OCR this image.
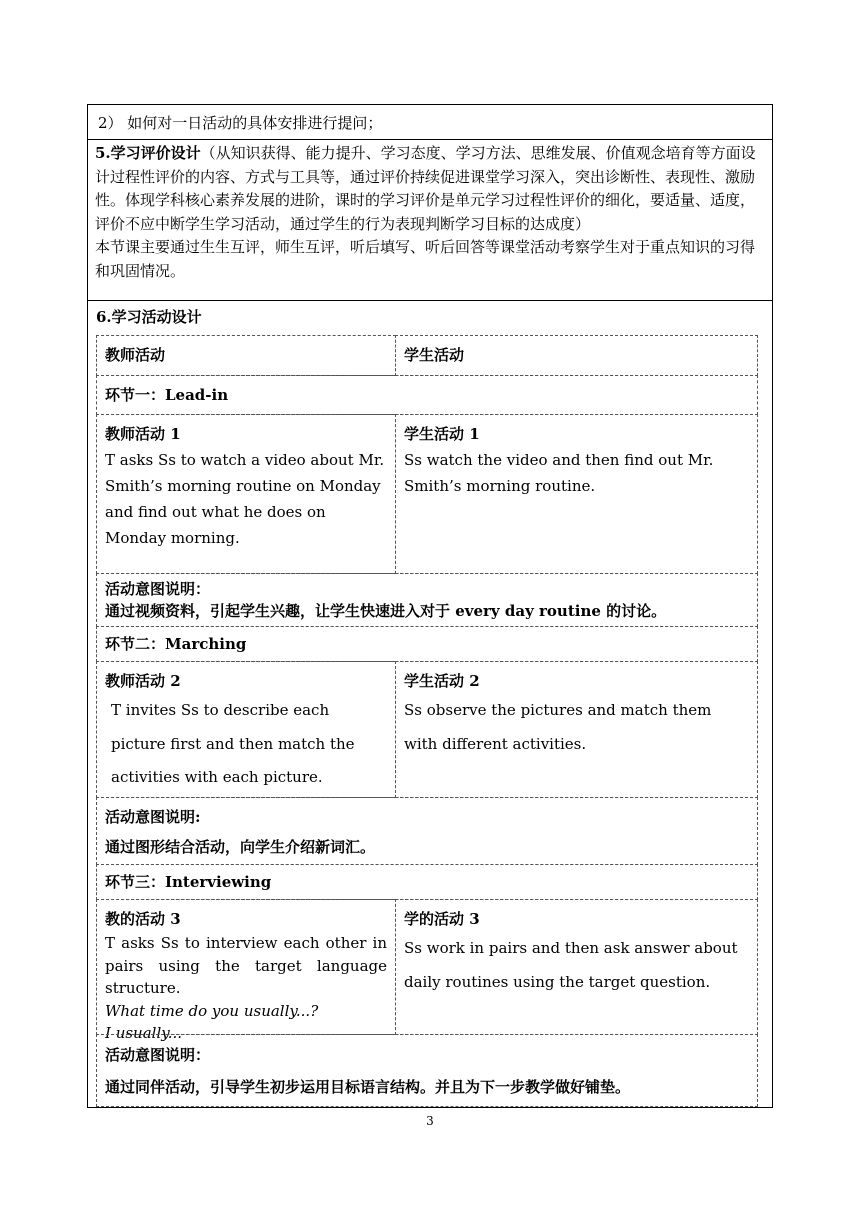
2） 如何对一日活动的具体安排进行提问；
5.学习评价设计（从知识获得、能力提升、学习态度、学习方法、思维发展、价值观念培育等方面设计过程性评价的内容、方式与工具等，通过评价持续促进课堂学习深入，突出诊断性、表现性、激励性。体现学科核心素养发展的进阶，课时的学习评价是单元学习过程性评价的细化，要适量、适度，评价不应中断学生学习活动，通过学生的行为表现判断学习目标的达成度）
本节课主要通过生生互评，师生互评，听后填写、听后回答等课堂活动考察学生对于重点知识的习得和巩固情况。
6.学习活动设计
教师活动	学生活动
环节一：Lead-in
教师活动 1
T asks Ss to watch a video about Mr. Smith’s morning routine on Monday and find out what he does on Monday morning.
学生活动 1
Ss watch the video and then find out Mr. Smith’s morning routine.
活动意图说明：
通过视频资料，引起学生兴趣，让学生快速进入对于 every day routine 的讨论。
环节二：Marching
教师活动 2
T invites Ss to describe each picture first and then match the activities with each picture.
学生活动 2
Ss observe the pictures and match them with different activities.
活动意图说明:
通过图形结合活动，向学生介绍新词汇。
环节三：Interviewing
教的活动 3
T asks Ss to interview each other in pairs using the target language structure.
What time do you usually...?
I usually...
学的活动 3
Ss work in pairs and then ask answer about daily routines using the target question.
活动意图说明：
通过同伴活动，引导学生初步运用目标语言结构。并且为下一步教学做好铺垫。
3
